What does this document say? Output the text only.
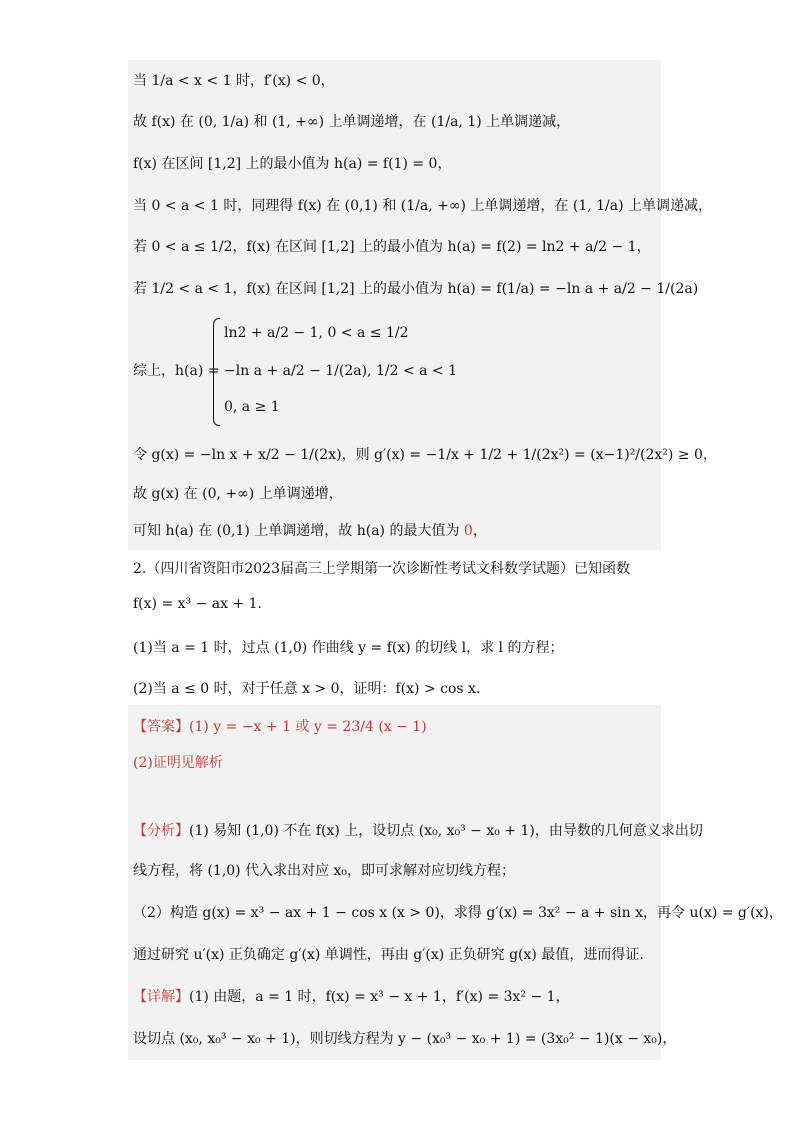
当 1/a < x < 1 时，f′(x) < 0，
故 f(x) 在 (0, 1/a) 和 (1, +∞) 上单调递增，在 (1/a, 1) 上单调递减，
f(x) 在区间 [1,2] 上的最小值为 h(a) = f(1) = 0，
当 0 < a < 1 时，同理得 f(x) 在 (0,1) 和 (1/a, +∞) 上单调递增，在 (1, 1/a) 上单调递减，
若 0 < a ≤ 1/2，f(x) 在区间 [1,2] 上的最小值为 h(a) = f(2) = ln2 + a/2 − 1，
若 1/2 < a < 1，f(x) 在区间 [1,2] 上的最小值为 h(a) = f(1/a) = −ln a + a/2 − 1/(2a)
综上，h(a) =
ln2 + a/2 − 1, 0 < a ≤ 1/2
−ln a + a/2 − 1/(2a), 1/2 < a < 1
0, a ≥ 1
令 g(x) = −ln x + x/2 − 1/(2x)，则 g′(x) = −1/x + 1/2 + 1/(2x²) = (x−1)²/(2x²) ≥ 0，
故 g(x) 在 (0, +∞) 上单调递增，
可知 h(a) 在 (0,1) 上单调递增，故 h(a) 的最大值为 0，
2.（四川省资阳市2023届高三上学期第一次诊断性考试文科数学试题）已知函数
f(x) = x³ − ax + 1.
(1)当 a = 1 时，过点 (1,0) 作曲线 y = f(x) 的切线 l，求 l 的方程；
(2)当 a ≤ 0 时，对于任意 x > 0，证明：f(x) > cos x.
【答案】(1) y = −x + 1 或 y = 23/4 (x − 1)
(2)证明见解析
【分析】(1) 易知 (1,0) 不在 f(x) 上，设切点 (x₀, x₀³ − x₀ + 1)，由导数的几何意义求出切
线方程，将 (1,0) 代入求出对应 x₀，即可求解对应切线方程；
（2）构造 g(x) = x³ − ax + 1 − cos x (x > 0)，求得 g′(x) = 3x² − a + sin x，再令 u(x) = g′(x)，
通过研究 u′(x) 正负确定 g′(x) 单调性，再由 g′(x) 正负研究 g(x) 最值，进而得证.
【详解】(1) 由题，a = 1 时，f(x) = x³ − x + 1，f′(x) = 3x² − 1，
设切点 (x₀, x₀³ − x₀ + 1)，则切线方程为 y − (x₀³ − x₀ + 1) = (3x₀² − 1)(x − x₀)，
